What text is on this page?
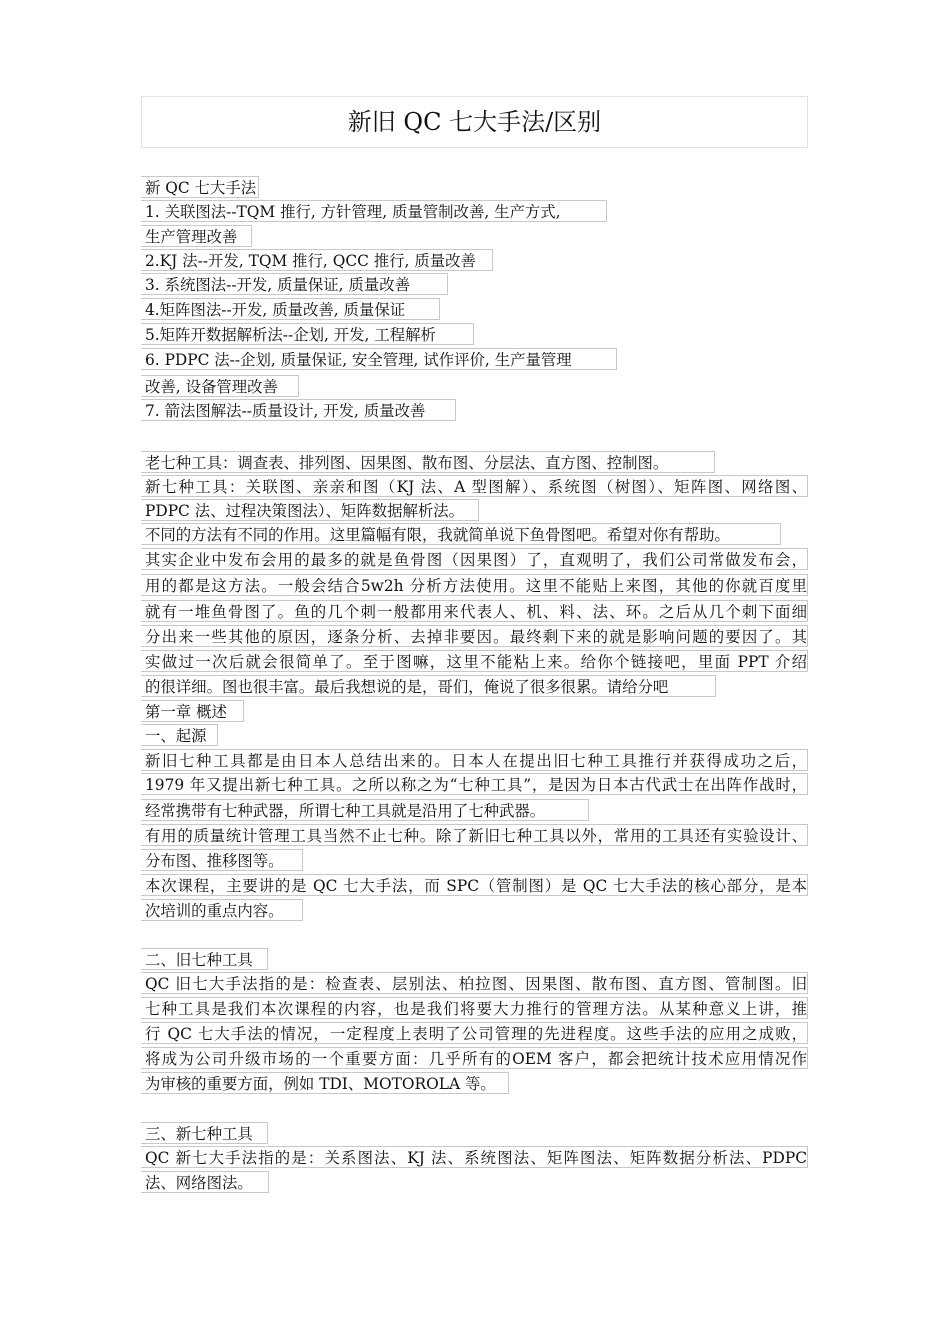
新旧 QC 七大手法/区别
新 QC 七大手法
1. 关联图法--TQM 推行, 方针管理, 质量管制改善, 生产方式,
生产管理改善
2.KJ 法--开发, TQM 推行, QCC 推行, 质量改善
3. 系统图法--开发, 质量保证, 质量改善
4.矩阵图法--开发, 质量改善, 质量保证
5.矩阵开数据解析法--企划, 开发, 工程解析
6. PDPC 法--企划, 质量保证, 安全管理, 试作评价, 生产量管理
改善, 设备管理改善
7. 箭法图解法--质量设计, 开发, 质量改善
老七种工具：调查表、排列图、因果图、散布图、分层法、直方图、控制图。
新七种工具：关联图、亲亲和图（KJ 法、A 型图解）、系统图（树图）、矩阵图、网络图、
PDPC 法、过程决策图法）、矩阵数据解析法。
不同的方法有不同的作用。这里篇幅有限，我就简单说下鱼骨图吧。希望对你有帮助。
其实企业中发布会用的最多的就是鱼骨图（因果图）了，直观明了，我们公司常做发布会，
用的都是这方法。一般会结合5w2h 分析方法使用。这里不能贴上来图，其他的你就百度里
就有一堆鱼骨图了。鱼的几个刺一般都用来代表人、机、料、法、环。之后从几个刺下面细
分出来一些其他的原因，逐条分析、去掉非要因。最终剩下来的就是影响问题的要因了。其
实做过一次后就会很简单了。至于图嘛，这里不能粘上来。给你个链接吧，里面 PPT 介绍
的很详细。图也很丰富。最后我想说的是，哥们，俺说了很多很累。请给分吧
第一章 概述
一、起源
新旧七种工具都是由日本人总结出来的。日本人在提出旧七种工具推行并获得成功之后，
1979 年又提出新七种工具。之所以称之为“七种工具”，是因为日本古代武士在出阵作战时，
经常携带有七种武器，所谓七种工具就是沿用了七种武器。
有用的质量统计管理工具当然不止七种。除了新旧七种工具以外，常用的工具还有实验设计、
分布图、推移图等。
本次课程，主要讲的是 QC 七大手法，而 SPC（管制图）是 QC 七大手法的核心部分，是本
次培训的重点内容。
二、旧七种工具
QC 旧七大手法指的是：检查表、层别法、柏拉图、因果图、散布图、直方图、管制图。旧
七种工具是我们本次课程的内容，也是我们将要大力推行的管理方法。从某种意义上讲，推
行 QC 七大手法的情况，一定程度上表明了公司管理的先进程度。这些手法的应用之成败，
将成为公司升级市场的一个重要方面：几乎所有的OEM 客户，都会把统计技术应用情况作
为审核的重要方面，例如 TDI、MOTOROLA 等。
三、新七种工具
QC 新七大手法指的是：关系图法、KJ 法、系统图法、矩阵图法、矩阵数据分析法、PDPC
法、网络图法。
